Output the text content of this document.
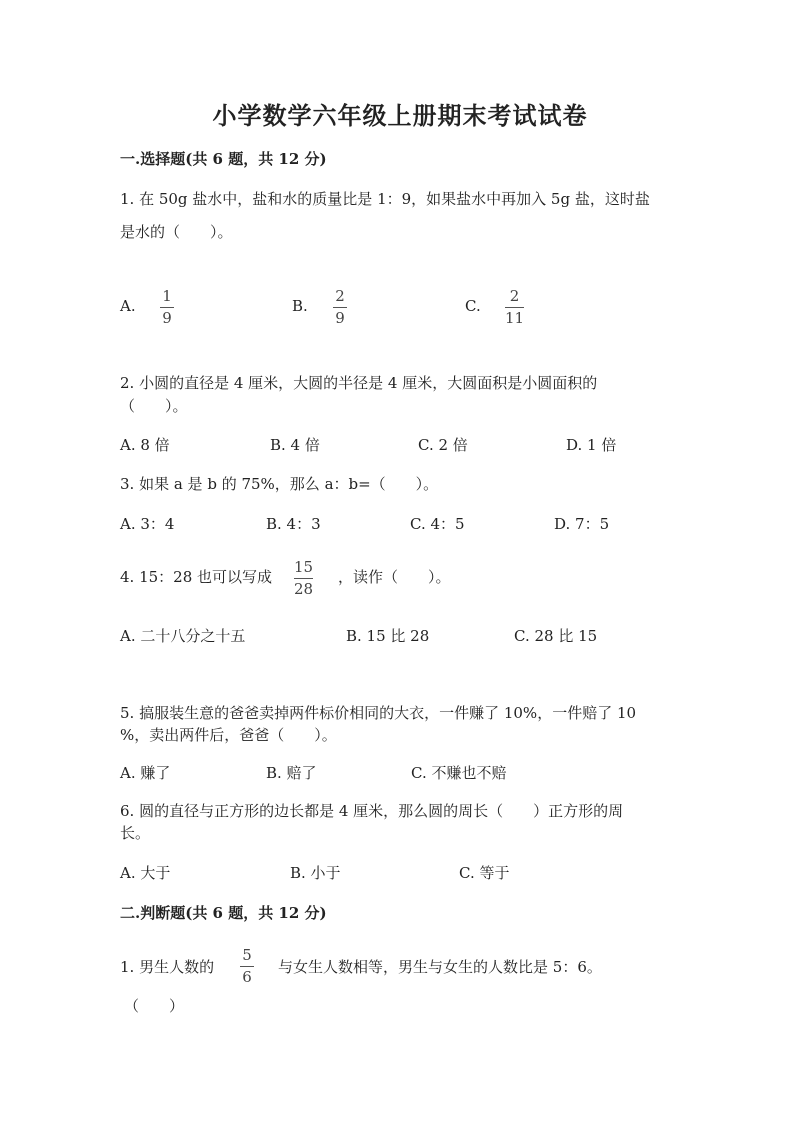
小学数学六年级上册期末考试试卷
一.选择题(共 6 题，共 12 分)
1. 在 50g 盐水中，盐和水的质量比是 1：9，如果盐水中再加入 5g 盐，这时盐
是水的（　　）。
A.
1
9
B.
2
9
C.
2
11
2. 小圆的直径是 4 厘米，大圆的半径是 4 厘米，大圆面积是小圆面积的
（　　）。
A. 8 倍	B. 4 倍	C. 2 倍	D. 1 倍
3. 如果 a 是 b 的 75%，那么 a：b=（　　）。
A. 3：4	B. 4：3	C. 4：5	D. 7：5
4. 15：28 也可以写成
15
28
，读作（　　）。
A. 二十八分之十五	B. 15 比 28	C. 28 比 15
5. 搞服装生意的爸爸卖掉两件标价相同的大衣，一件赚了 10%，一件赔了 10
%，卖出两件后，爸爸（　　）。
A. 赚了	B. 赔了	C. 不赚也不赔
6. 圆的直径与正方形的边长都是 4 厘米，那么圆的周长（　　）正方形的周
长。
A. 大于	B. 小于	C. 等于
二.判断题(共 6 题，共 12 分)
1. 男生人数的
5
6
与女生人数相等，男生与女生的人数比是 5：6。
（　　）
